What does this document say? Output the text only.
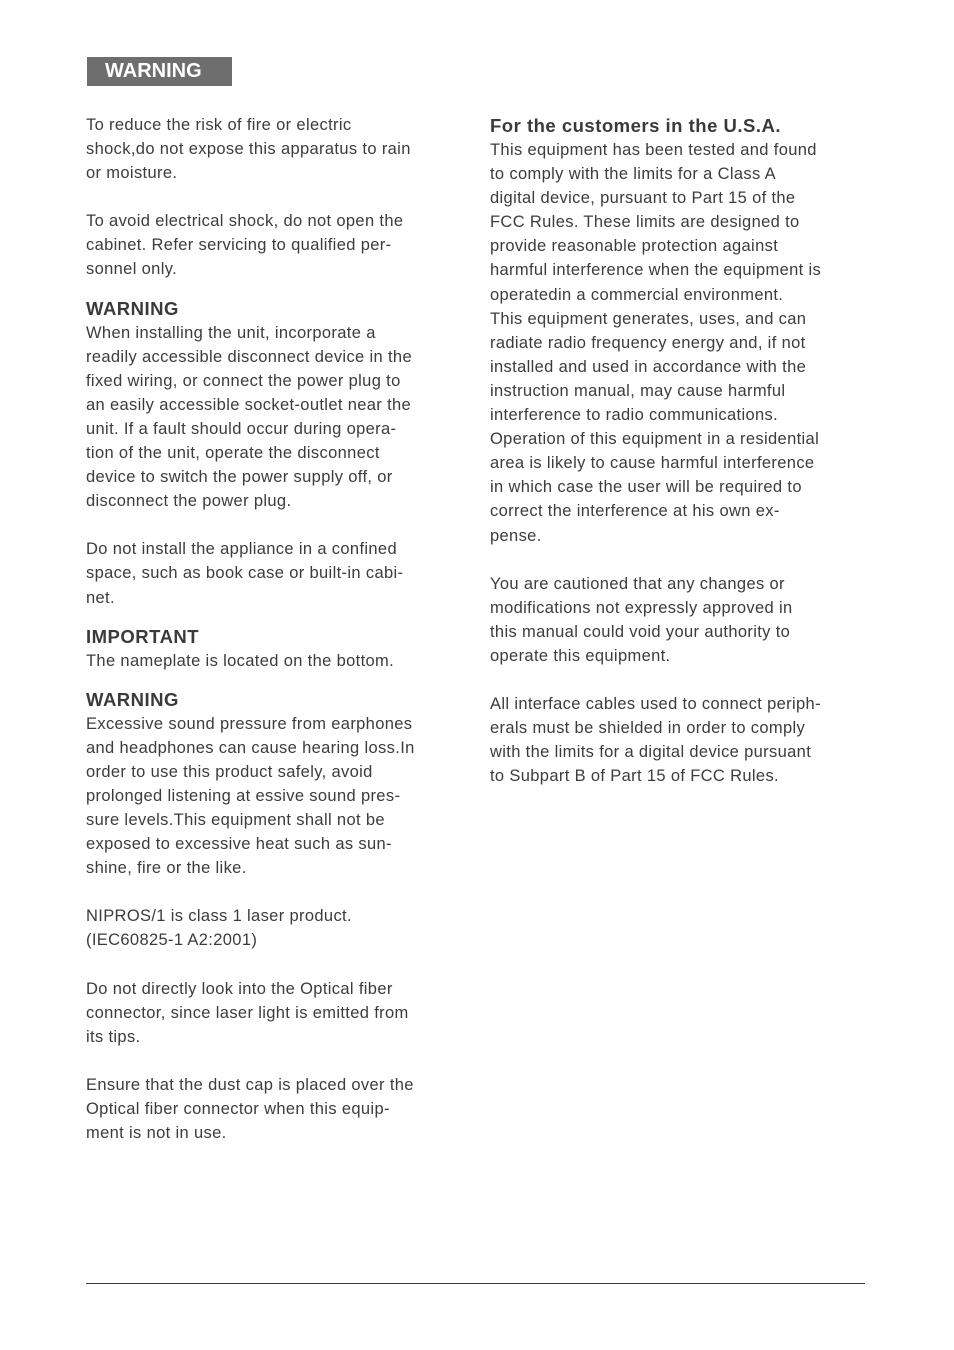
WARNING

To reduce the risk of fire or electric
shock,do not expose this apparatus to rain
or moisture.

To avoid electrical shock, do not open the
cabinet. Refer servicing to qualified per-
sonnel only.

WARNING

When installing the unit, incorporate a
readily accessible disconnect device in the
fixed wiring, or connect the power plug to
an easily accessible socket-outlet near the
unit. If a fault should occur during opera-
tion of the unit, operate the disconnect
device to switch the power supply off, or
disconnect the power plug.

Do not install the appliance in a confined
space, such as book case or built-in cabi-
net.

IMPORTANT

The nameplate is located on the bottom.

WARNING

Excessive sound pressure from earphones
and headphones can cause hearing loss.In
order to use this product safely, avoid
prolonged listening at essive sound pres-
sure levels.This equipment shall not be
exposed to excessive heat such as sun-
shine, fire or the like.

NIPROS/1 is class 1 laser product.
(IEC60825-1 A2:2001)

Do not directly look into the Optical fiber
connector, since laser light is emitted from
its tips.

Ensure that the dust cap is placed over the
Optical fiber connector when this equip-
ment is not in use.

For the customers in the U.S.A.

This equipment has been tested and found
to comply with the limits for a Class A
digital device, pursuant to Part 15 of the
FCC Rules. These limits are designed to
provide reasonable protection against
harmful interference when the equipment is
operatedin a commercial environment.
This equipment generates, uses, and can
radiate radio frequency energy and, if not
installed and used in accordance with the
instruction manual, may cause harmful
interference to radio communications.
Operation of this equipment in a residential
area is likely to cause harmful interference
in which case the user will be required to
correct the interference at his own ex-
pense.

You are cautioned that any changes or
modifications not expressly approved in
this manual could void your authority to
operate this equipment.

All interface cables used to connect periph-
erals must be shielded in order to comply
with the limits for a digital device pursuant
to Subpart B of Part 15 of FCC Rules.
